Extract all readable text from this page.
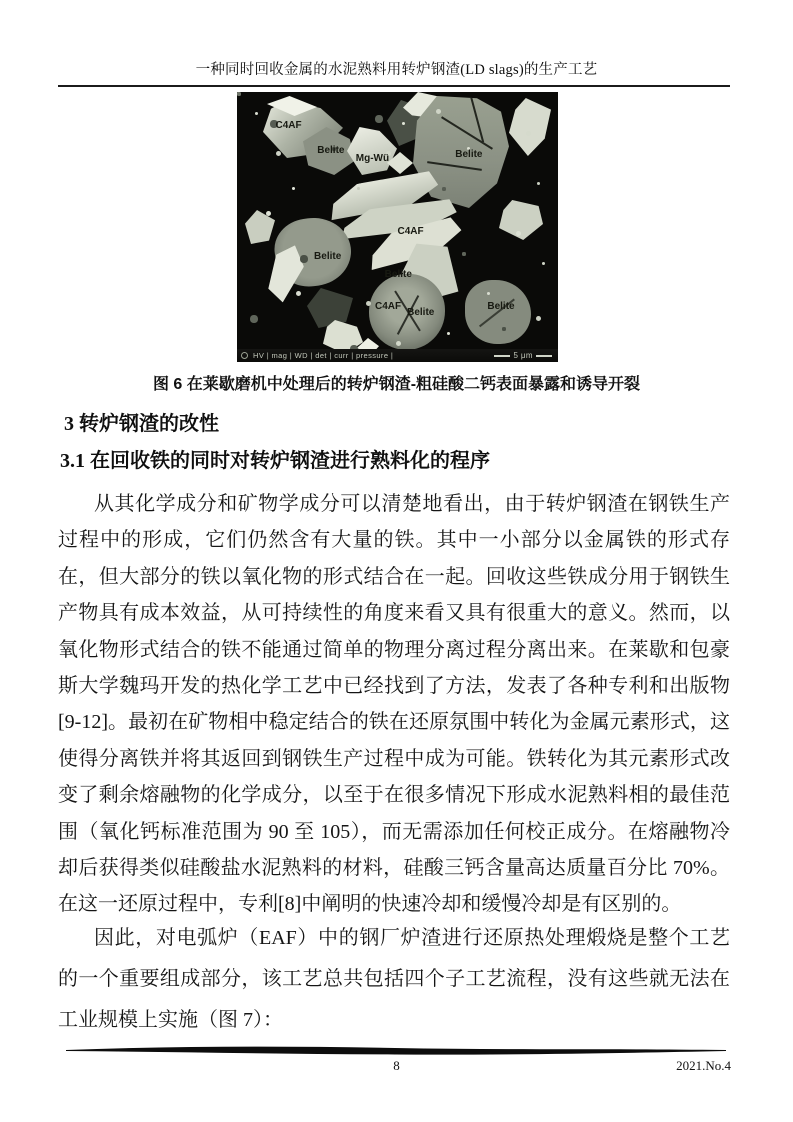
一种同时回收金属的水泥熟料用转炉钢渣(LD slags)的生产工艺
C4AF
Belite
Mg-Wü	Belite
C4AF
Belite
Belite
C4AF Belite	Belite
HV | mag | WD | det | curr | pressure |	5 μm
图 6 在莱歇磨机中处理后的转炉钢渣-粗硅酸二钙表面暴露和诱导开裂
3 转炉钢渣的改性
3.1 在回收铁的同时对转炉钢渣进行熟料化的程序

从其化学成分和矿物学成分可以清楚地看出，由于转炉钢渣在钢铁生产过程中的形成，它们仍然含有大量的铁。其中一小部分以金属铁的形式存在，但大部分的铁以氧化物的形式结合在一起。回收这些铁成分用于钢铁生产物具有成本效益，从可持续性的角度来看又具有很重大的意义。然而，以氧化物形式结合的铁不能通过简单的物理分离过程分离出来。在莱歇和包豪斯大学魏玛开发的热化学工艺中已经找到了方法，发表了各种专利和出版物[9-12]。最初在矿物相中稳定结合的铁在还原氛围中转化为金属元素形式，这使得分离铁并将其返回到钢铁生产过程中成为可能。铁转化为其元素形式改变了剩余熔融物的化学成分，以至于在很多情况下形成水泥熟料相的最佳范围（氧化钙标准范围为 90 至 105），而无需添加任何校正成分。在熔融物冷却后获得类似硅酸盐水泥熟料的材料，硅酸三钙含量高达质量百分比 70%。在这一还原过程中，专利[8]中阐明的快速冷却和缓慢冷却是有区别的。

因此，对电弧炉（EAF）中的钢厂炉渣进行还原热处理煅烧是整个工艺的一个重要组成部分，该工艺总共包括四个子工艺流程，没有这些就无法在工业规模上实施（图 7）：

8	2021.No.4
